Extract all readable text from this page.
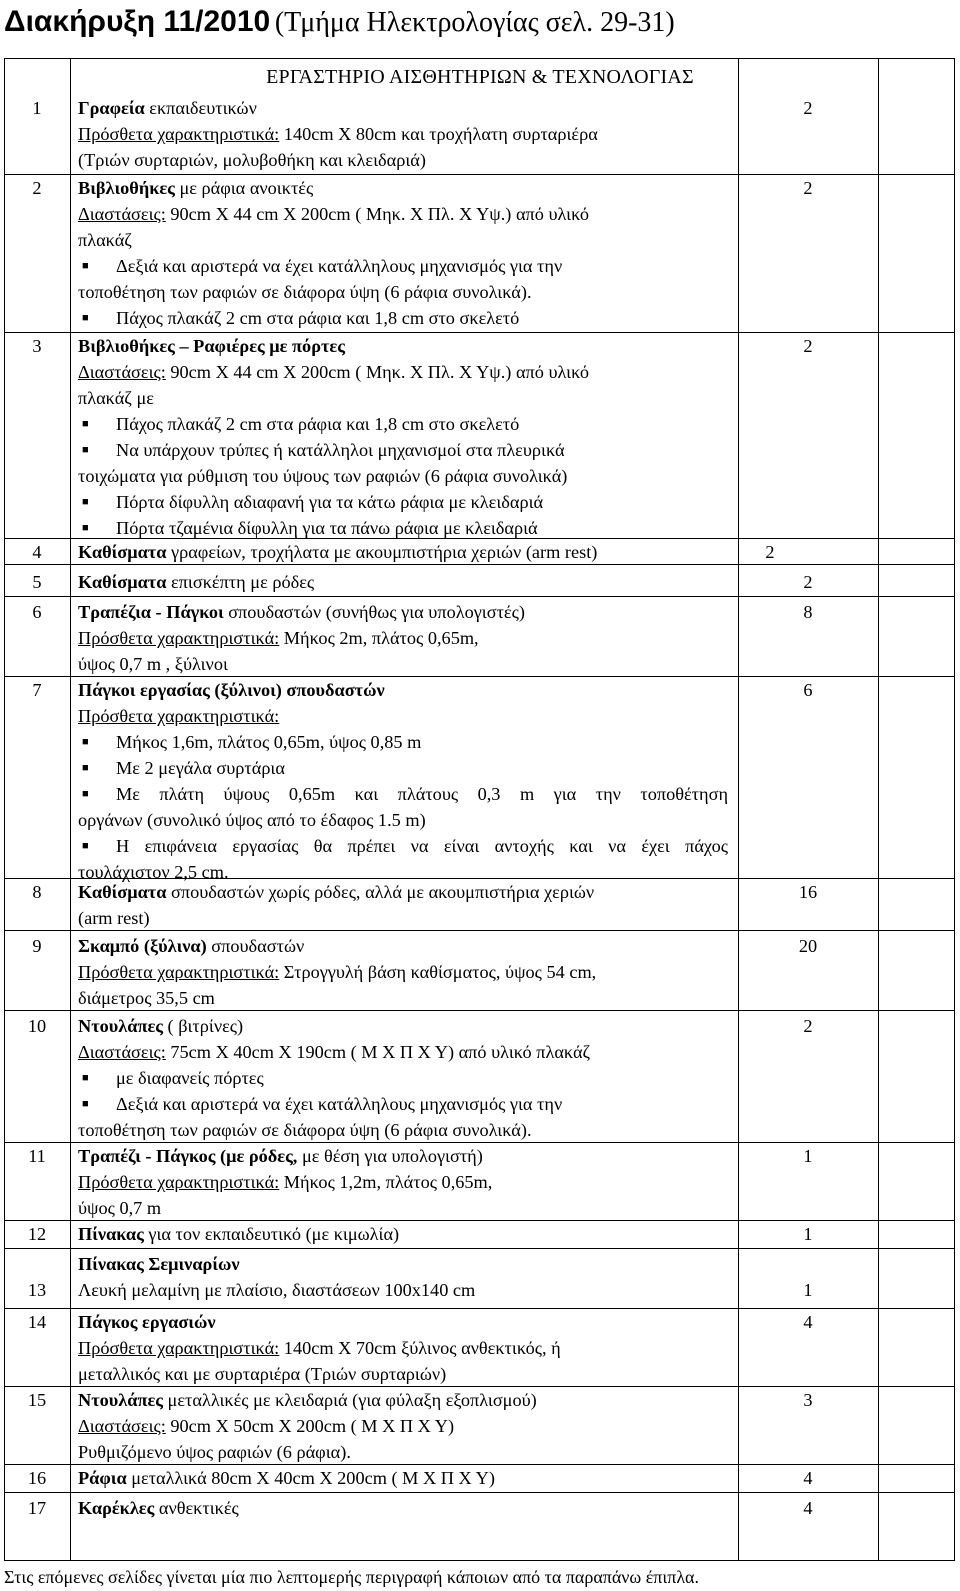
Διακήρυξη 11/2010 (Τμήμα Ηλεκτρολογίας σελ. 29-31)
ΕΡΓΑΣΤΗΡΙΟ ΑΙΣΘΗΤΗΡΙΩΝ & ΤΕΧΝΟΛΟΓΙΑΣ
1	2
Γραφεία εκπαιδευτικών
Πρόσθετα χαρακτηριστικά: 140cm X 80cm και τροχήλατη συρταριέρα
(Τριών συρταριών, μολυβοθήκη και κλειδαριά)
2	2
Βιβλιοθήκες με ράφια ανοικτές
Διαστάσεις: 90cm X 44 cm X 200cm ( Μηκ. Χ Πλ. Χ Υψ.) από υλικό
πλακάζ
■ Δεξιά και αριστερά να έχει κατάλληλους μηχανισμός για την
τοποθέτηση των ραφιών σε διάφορα ύψη (6 ράφια συνολικά).
■ Πάχος πλακάζ 2 cm στα ράφια και 1,8 cm στο σκελετό
3	2
Βιβλιοθήκες – Ραφιέρες με πόρτες
Διαστάσεις: 90cm X 44 cm X 200cm ( Μηκ. Χ Πλ. Χ Υψ.) από υλικό
πλακάζ με
■ Πάχος πλακάζ 2 cm στα ράφια και 1,8 cm στο σκελετό
■ Να υπάρχουν τρύπες ή κατάλληλοι μηχανισμοί στα πλευρικά
τοιχώματα για ρύθμιση του ύψους των ραφιών (6 ράφια συνολικά)
■ Πόρτα δίφυλλη αδιαφανή για τα κάτω ράφια με κλειδαριά
■ Πόρτα τζαμένια δίφυλλη για τα πάνω ράφια με κλειδαριά
4	2
Καθίσματα γραφείων, τροχήλατα με ακουμπιστήρια χεριών (arm rest)
5	2
Καθίσματα επισκέπτη με ρόδες
6	8
Τραπέζια - Πάγκοι σπουδαστών (συνήθως για υπολογιστές)
Πρόσθετα χαρακτηριστικά: Μήκος 2m, πλάτος 0,65m,
ύψος 0,7 m , ξύλινοι
7	6
Πάγκοι εργασίας (ξύλινοι) σπουδαστών
Πρόσθετα χαρακτηριστικά:
■ Μήκος 1,6m, πλάτος 0,65m, ύψος 0,85 m
■ Με 2 μεγάλα συρτάρια
■ Με πλάτη ύψους 0,65m και πλάτους 0,3 m για την τοποθέτηση
οργάνων (συνολικό ύψος από το έδαφος 1.5 m)
■ Η επιφάνεια εργασίας θα πρέπει να είναι αντοχής και να έχει πάχος
τουλάχιστον 2,5 cm.
8	16
Καθίσματα σπουδαστών χωρίς ρόδες, αλλά με ακουμπιστήρια χεριών
(arm rest)
9	20
Σκαμπό (ξύλινα) σπουδαστών
Πρόσθετα χαρακτηριστικά: Στρογγυλή βάση καθίσματος, ύψος 54 cm,
διάμετρος 35,5 cm
10	2
Ντουλάπες ( βιτρίνες)
Διαστάσεις: 75cm X 40cm X 190cm ( Μ Χ Π Χ Υ) από υλικό πλακάζ
■ με διαφανείς πόρτες
■ Δεξιά και αριστερά να έχει κατάλληλους μηχανισμός για την
τοποθέτηση των ραφιών σε διάφορα ύψη (6 ράφια συνολικά).
11	1
Τραπέζι - Πάγκος (με ρόδες, με θέση για υπολογιστή)
Πρόσθετα χαρακτηριστικά: Μήκος 1,2m, πλάτος 0,65m,
ύψος 0,7 m
12	1
Πίνακας για τον εκπαιδευτικό (με κιμωλία)
13	1
Πίνακας Σεμιναρίων
Λευκή μελαμίνη με πλαίσιο, διαστάσεων 100x140 cm
14	4
Πάγκος εργασιών
Πρόσθετα χαρακτηριστικά: 140cm X 70cm ξύλινος ανθεκτικός, ή
μεταλλικός και με συρταριέρα (Τριών συρταριών)
15	3
Ντουλάπες μεταλλικές με κλειδαριά (για φύλαξη εξοπλισμού)
Διαστάσεις: 90cm X 50cm X 200cm ( Μ Χ Π Χ Υ)
Ρυθμιζόμενο ύψος ραφιών (6 ράφια).
16	4
Ράφια μεταλλικά 80cm X 40cm X 200cm ( Μ Χ Π Χ Υ)
17	4
Καρέκλες ανθεκτικές
Στις επόμενες σελίδες γίνεται μία πιο λεπτομερής περιγραφή κάποιων από τα παραπάνω έπιπλα.
